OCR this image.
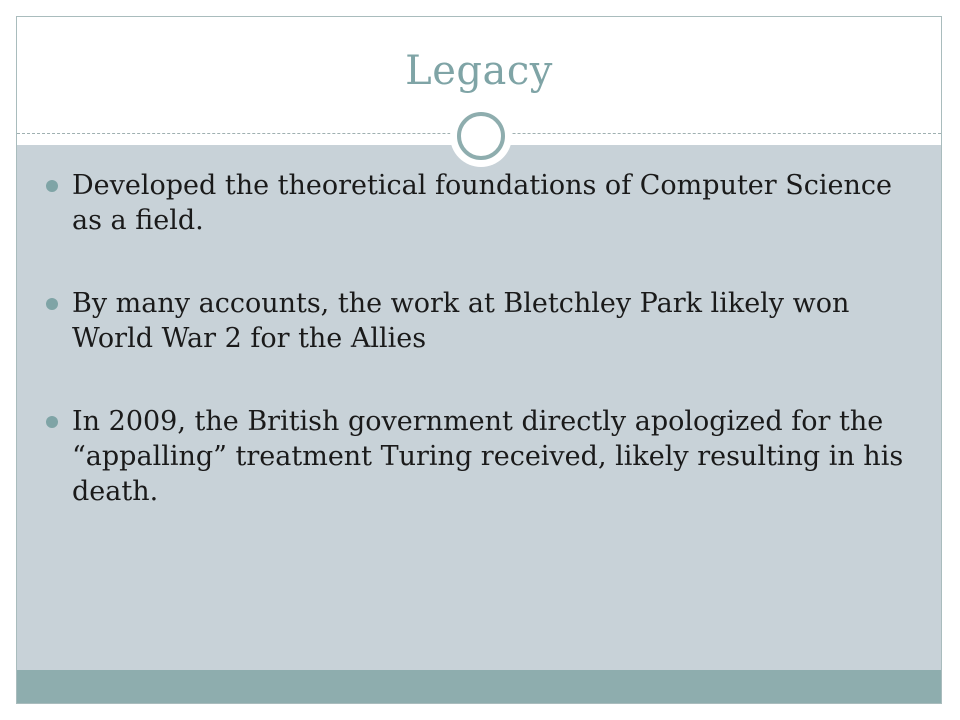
Legacy
Developed the theoretical foundations of Computer Science as a field.
By many accounts, the work at Bletchley Park likely won World War 2 for the Allies
In 2009, the British government directly apologized for the “appalling” treatment Turing received, likely resulting in his death.
